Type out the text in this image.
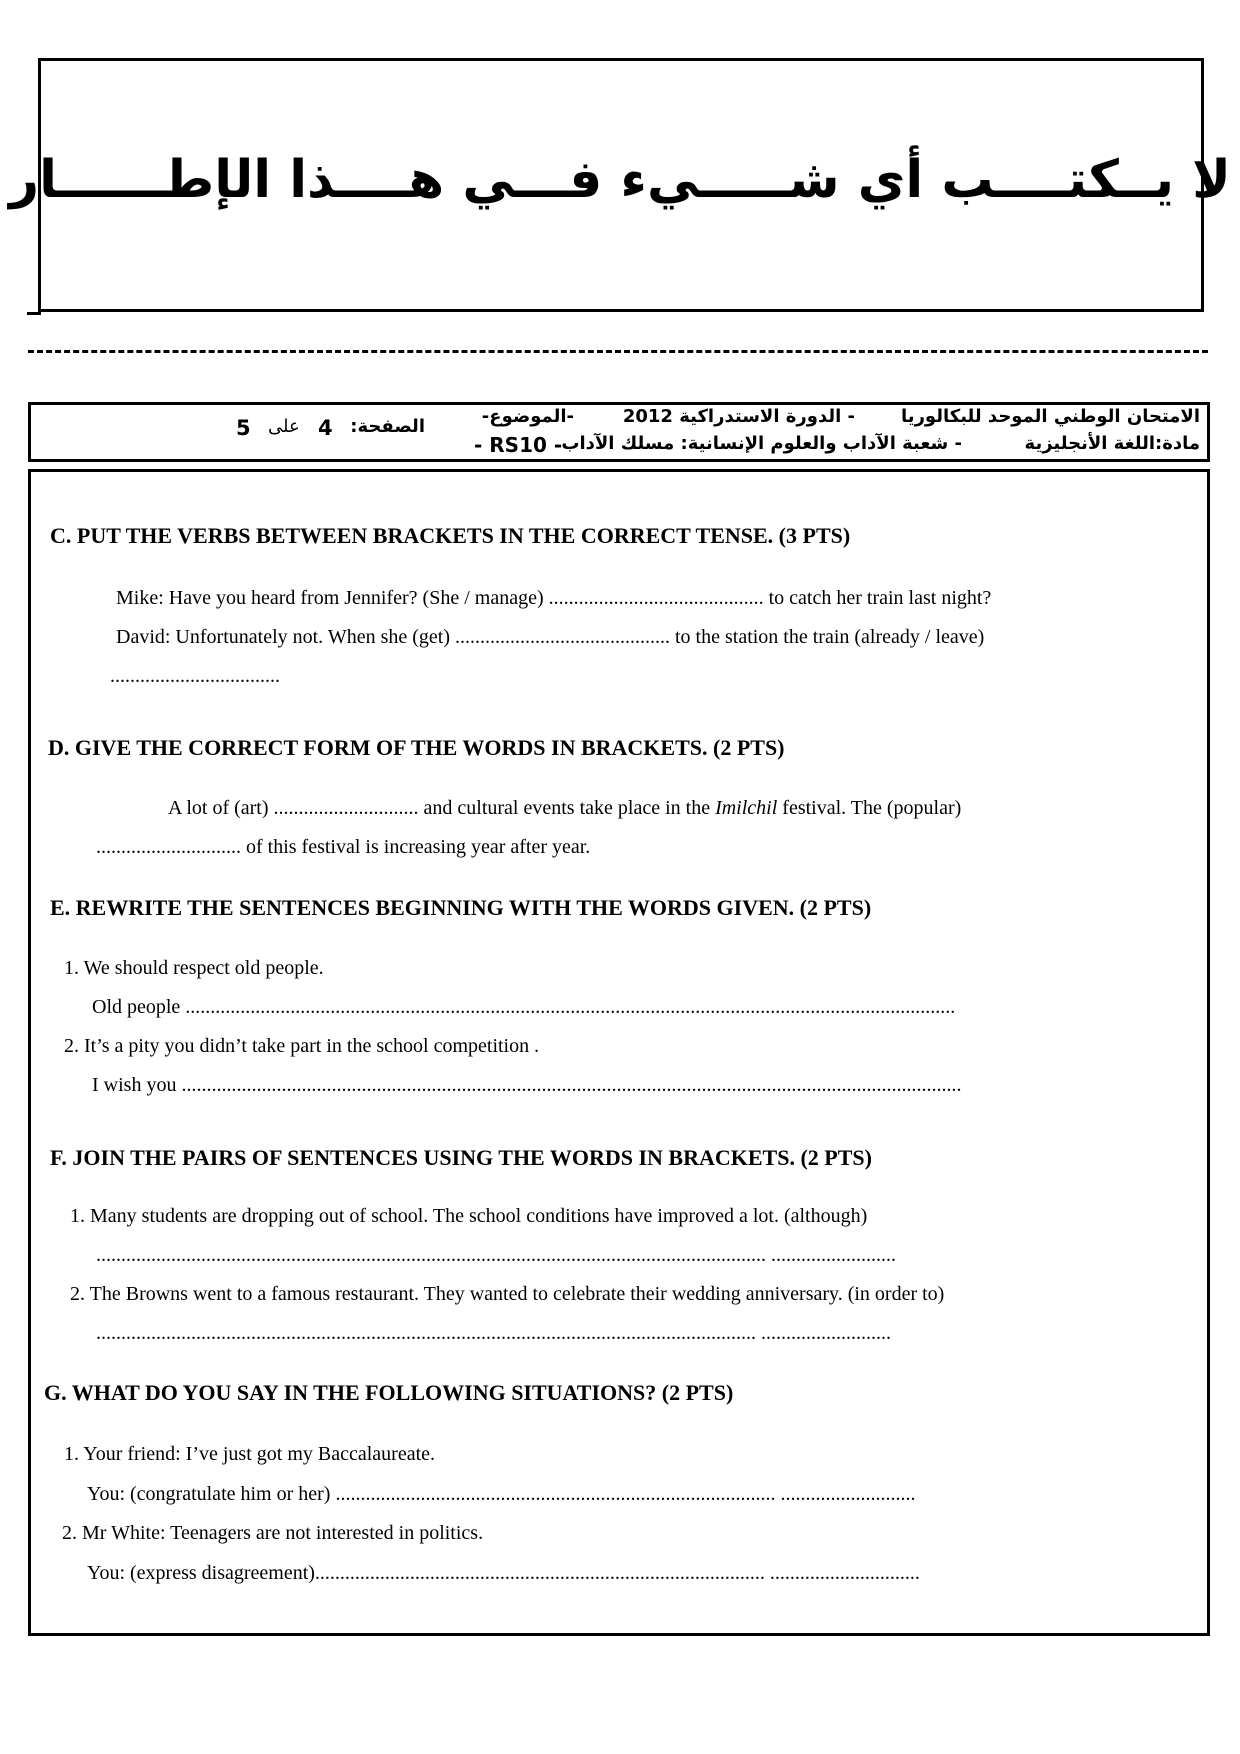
لا يــكتــــب أي شـــــيء فـــي هــــذا الإطــــــار
الامتحان الوطني الموحد للبكالوريا
- الدورة الاستدراكية 2012
-الموضوع-
مادة:اللغة الأنجليزية
- شعبة الآداب والعلوم الإنسانية: مسلك الآداب
- RS10 -
الصفحة:
4
على
5
C. PUT THE VERBS BETWEEN BRACKETS IN THE CORRECT TENSE. (3 PTS)
Mike: Have you heard from Jennifer? (She / manage) ........................................... to catch her train last night?
David: Unfortunately not. When she (get) ........................................... to the station the train (already / leave)
..................................
D. GIVE THE CORRECT FORM OF THE WORDS IN BRACKETS. (2 PTS)
A lot of (art) ............................. and cultural events take place in the Imilchil festival. The (popular)
............................. of this festival is increasing year after year.
E. REWRITE THE SENTENCES BEGINNING WITH THE WORDS GIVEN. (2 PTS)
1. We should respect old people.
Old people ..........................................................................................................................................................
2. It’s a pity you didn’t take part in the school competition .
I wish you ............................................................................................................................................................
F. JOIN THE PAIRS OF SENTENCES USING THE WORDS IN BRACKETS. (2 PTS)
1. Many students are dropping out of school. The school conditions have improved a lot. (although)
...................................................................................................................................... .........................
2. The Browns went to a famous restaurant. They wanted to celebrate their wedding anniversary. (in order to)
.................................................................................................................................... ..........................
G. WHAT DO YOU SAY IN THE FOLLOWING SITUATIONS? (2 PTS)
1. Your friend: I’ve just got my Baccalaureate.
You: (congratulate him or her) ........................................................................................ ...........................
2. Mr White: Teenagers are not interested in politics.
You: (express disagreement).......................................................................................... ..............................
